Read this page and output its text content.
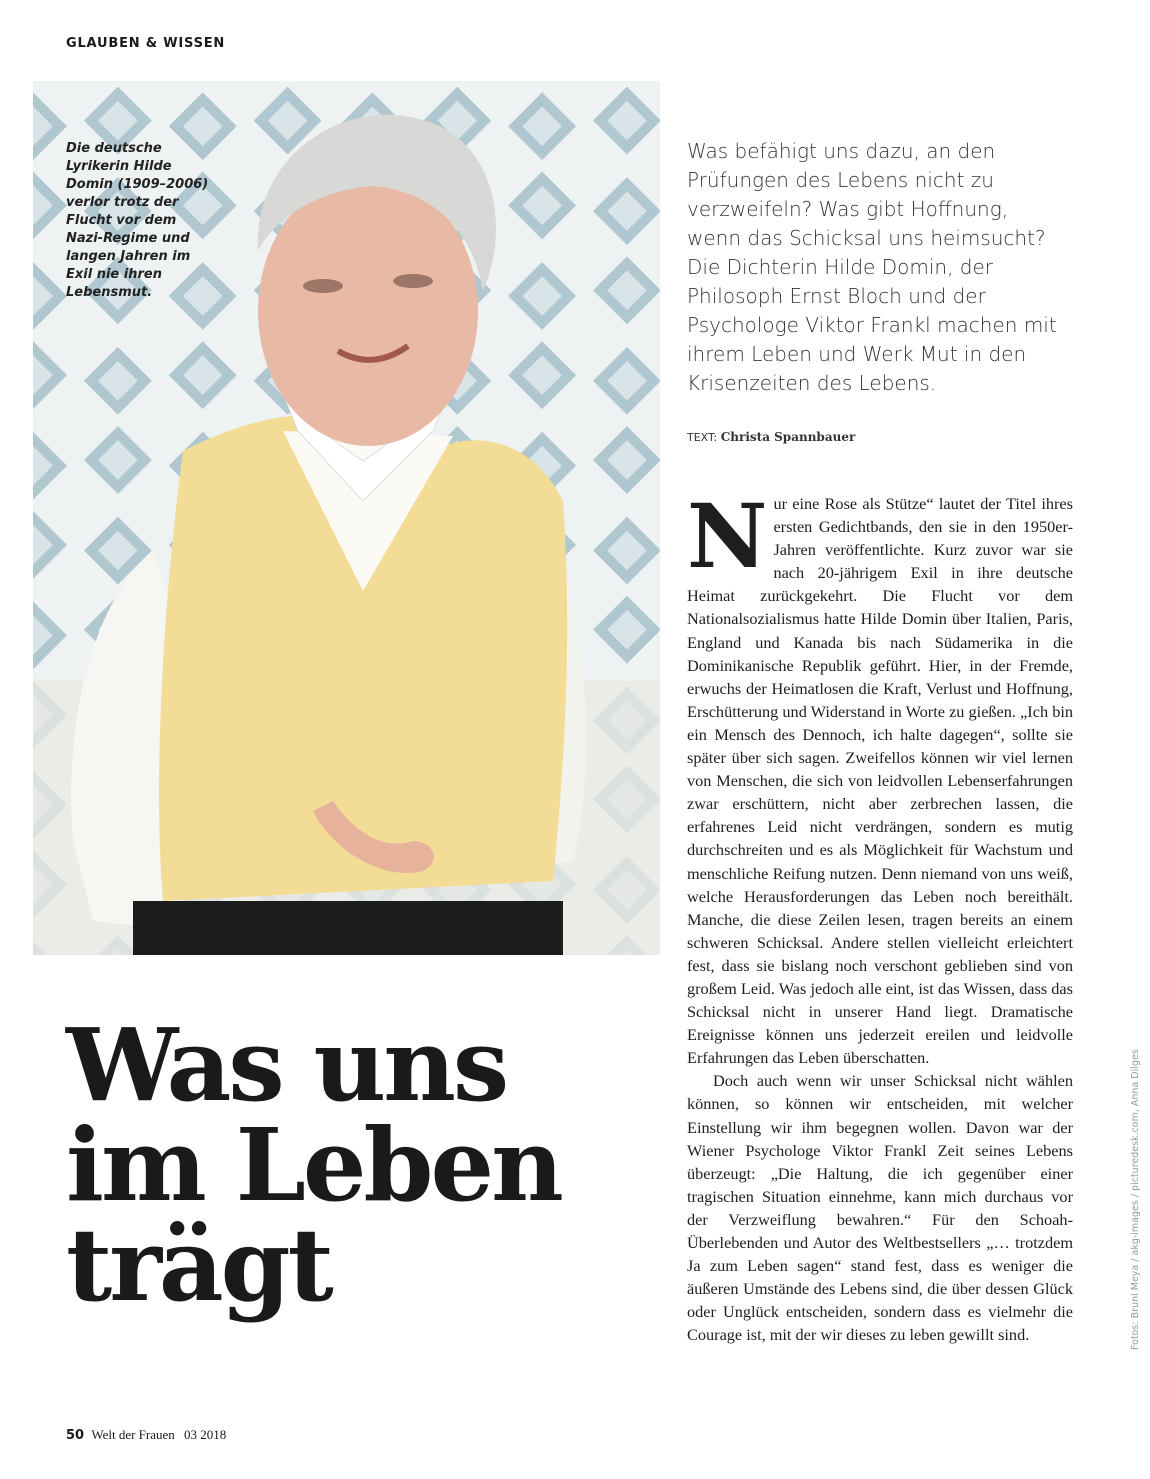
GLAUBEN & WISSEN
Die deutsche Lyrikerin Hilde Domin (1909–2006) verlor trotz der Flucht vor dem Nazi-Regime und langen Jahren im Exil nie ihren Lebensmut.
Was uns
im Leben
trägt

Was befähigt uns dazu, an den Prüfungen des Lebens nicht zu verzweifeln? Was gibt Hoffnung, wenn das Schicksal uns heimsucht? Die Dichterin Hilde Domin, der Philosoph Ernst Bloch und der Psychologe Viktor Frankl machen mit ihrem Leben und Werk Mut in den Krisenzeiten des Lebens.

TEXT: Christa Spannbauer

Nur eine Rose als Stütze“ lautet der Titel ihres ersten Gedichtbands, den sie in den 1950er-Jahren veröffentlichte. Kurz zuvor war sie nach 20-jährigem Exil in ihre deutsche Heimat zurückgekehrt. Die Flucht vor dem Nationalsozialismus hatte Hilde Domin über Italien, Paris, England und Kanada bis nach Südamerika in die Dominikanische Republik geführt. Hier, in der Fremde, erwuchs der Heimatlosen die Kraft, Verlust und Hoffnung, Erschütterung und Widerstand in Worte zu gießen. „Ich bin ein Mensch des Dennoch, ich halte dagegen“, sollte sie später über sich sagen. Zweifellos können wir viel lernen von Menschen, die sich von leidvollen Lebenserfahrungen zwar erschüttern, nicht aber zerbrechen lassen, die erfahrenes Leid nicht verdrängen, sondern es mutig durchschreiten und es als Möglichkeit für Wachstum und menschliche Reifung nutzen. Denn niemand von uns weiß, welche Herausforderungen das Leben noch bereithält. Manche, die diese Zeilen lesen, tragen bereits an einem schweren Schicksal. Andere stellen vielleicht erleichtert fest, dass sie bislang noch verschont geblieben sind von großem Leid. Was jedoch alle eint, ist das Wissen, dass das Schicksal nicht in unserer Hand liegt. Dramatische Ereignisse können uns jederzeit ereilen und leidvolle Erfahrungen das Leben überschatten.

Doch auch wenn wir unser Schicksal nicht wählen können, so können wir entscheiden, mit welcher Einstellung wir ihm begegnen wollen. Davon war der Wiener Psychologe Viktor Frankl Zeit seines Lebens überzeugt: „Die Haltung, die ich gegenüber einer tragischen Situation einnehme, kann mich durchaus vor der Verzweiflung bewahren.“ Für den Schoah-Überlebenden und Autor des Weltbestsellers „… trotzdem Ja zum Leben sagen“ stand fest, dass es weniger die äußeren Umstände des Lebens sind, die über dessen Glück oder Unglück entscheiden, sondern dass es vielmehr die Courage ist, mit der wir dieses zu leben gewillt sind.	Fotos: Bruni Meya / akg-images / picturedesk.com, Anna Dilges
50 Welt der Frauen 03 2018
